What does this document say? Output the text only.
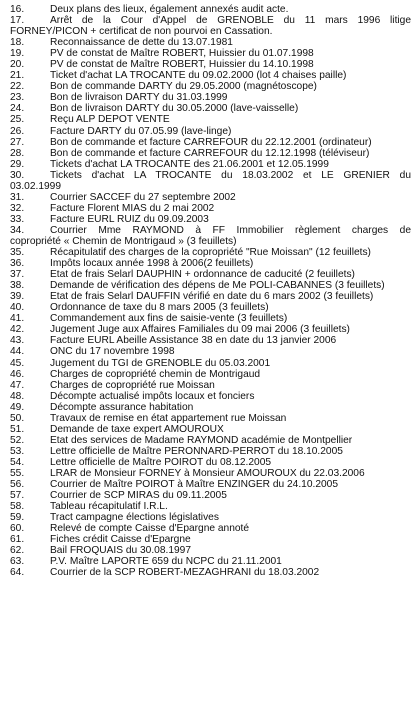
16.	Deux plans des lieux, également annexés audit acte.
17.	Arrêt de la Cour d'Appel de GRENOBLE du 11 mars 1996 litige
FORNEY/PICON + certificat de non pourvoi en Cassation.
18.	Reconnaissance de dette du 13.07.1981
19.	PV de constat de Maître ROBERT, Huissier du 01.07.1998
20.	PV de constat de Maître ROBERT, Huissier du 14.10.1998
21.	Ticket d'achat LA TROCANTE du 09.02.2000 (lot 4 chaises paille)
22.	Bon de commande DARTY du 29.05.2000 (magnétoscope)
23.	Bon de livraison DARTY du 31.03.1999
24.	Bon de livraison DARTY du 30.05.2000 (lave-vaisselle)
25.	Reçu ALP DEPOT VENTE
26.	Facture DARTY du 07.05.99 (lave-linge)
27.	Bon de commande et facture CARREFOUR du 22.12.2001 (ordinateur)
28.	Bon de commande et facture CARREFOUR du 12.12.1998 (téléviseur)
29.	Tickets d'achat LA TROCANTE des 21.06.2001 et 12.05.1999
30.	Tickets d'achat LA TROCANTE du 18.03.2002 et LE GRENIER du
03.02.1999
31.	Courrier SACCEF du 27 septembre 2002
32.	Facture Florent MIAS du 2 mai 2002
33.	Facture EURL RUIZ du 09.09.2003
34.	Courrier Mme RAYMOND à FF Immobilier règlement charges de
copropriété « Chemin de Montrigaud » (3 feuillets)
35.	Récapitulatif des charges de la copropriété "Rue Moissan" (12 feuillets)
36.	Impôts locaux année 1998 à 2006(2 feuillets)
37.	Etat de frais Selarl DAUPHIN + ordonnance de caducité (2 feuillets)
38.	Demande de vérification des dépens de Me POLI-CABANNES (3 feuillets)
39.	Etat de frais Selarl DAUFFIN vérifié en date du 6 mars 2002 (3 feuillets)
40.	Ordonnance de taxe du 8 mars 2005 (3 feuillets)
41.	Commandement aux fins de saisie-vente (3 feuillets)
42.	Jugement Juge aux Affaires Familiales du 09 mai 2006 (3 feuillets)
43.	Facture EURL Abeille Assistance 38 en date du 13 janvier 2006
44.	ONC du 17 novembre 1998
45.	Jugement du TGI de GRENOBLE du 05.03.2001
46.	Charges de copropriété chemin de Montrigaud
47.	Charges de copropriété rue Moissan
48.	Décompte actualisé impôts locaux et fonciers
49.	Décompte assurance habitation
50.	Travaux de remise en état appartement rue Moissan
51.	Demande de taxe expert AMOUROUX
52.	Etat des services de Madame RAYMOND académie de Montpellier
53.	Lettre officielle de Maître PERONNARD-PERROT du 18.10.2005
54.	Lettre officielle de Maître POIROT du 08.12.2005
55.	LRAR de Monsieur FORNEY à Monsieur AMOUROUX du 22.03.2006
56.	Courrier de Maître POIROT à Maître ENZINGER du 24.10.2005
57.	Courrier de SCP MIRAS du 09.11.2005
58.	Tableau récapitulatif I.R.L.
59.	Tract campagne élections législatives
60.	Relevé de compte Caisse d'Epargne annoté
61.	Fiches crédit Caisse d'Epargne
62.	Bail FROQUAIS du 30.08.1997
63.	P.V. Maître LAPORTE 659 du NCPC du 21.11.2001
64.	Courrier de la SCP ROBERT-MEZAGHRANI du 18.03.2002
